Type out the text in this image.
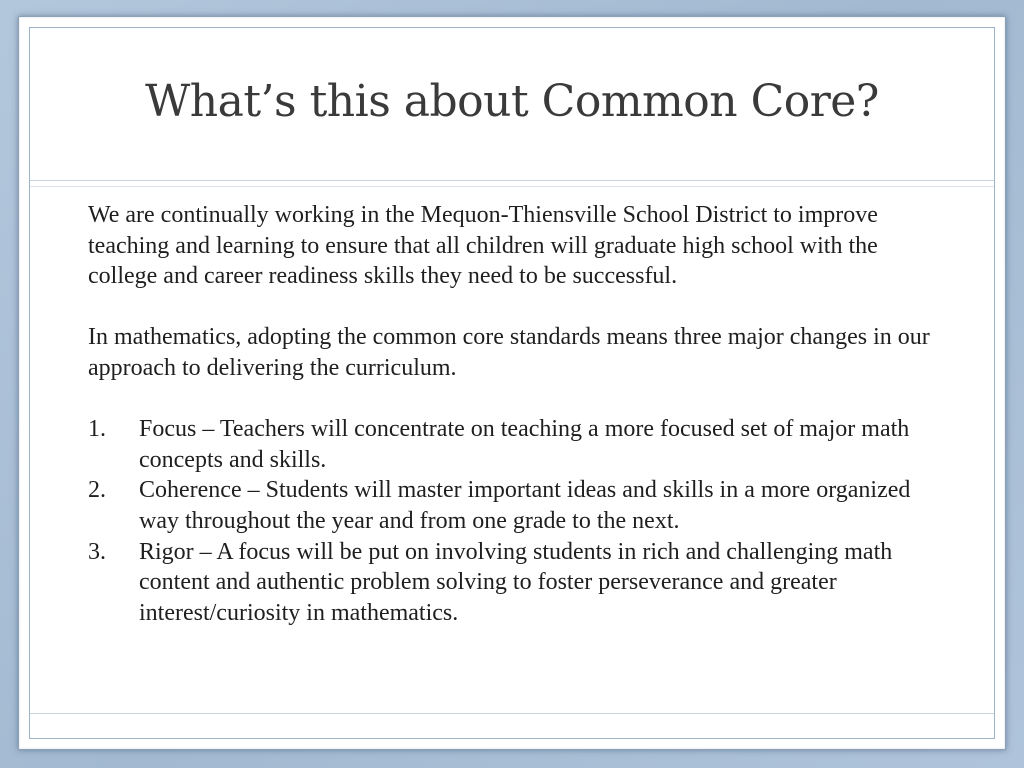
What’s this about Common Core?

We are continually working in the Mequon-Thiensville School District to improve teaching and learning to ensure that all children will graduate high school with the college and career readiness skills they need to be successful.

In mathematics, adopting the common core standards means three major changes in our approach to delivering the curriculum.

1. Focus – Teachers will concentrate on teaching a more focused set of major math concepts and skills.
2. Coherence – Students will master important ideas and skills in a more organized way throughout the year and from one grade to the next.
3. Rigor – A focus will be put on involving students in rich and challenging math content and authentic problem solving to foster perseverance and greater interest/curiosity in mathematics.
